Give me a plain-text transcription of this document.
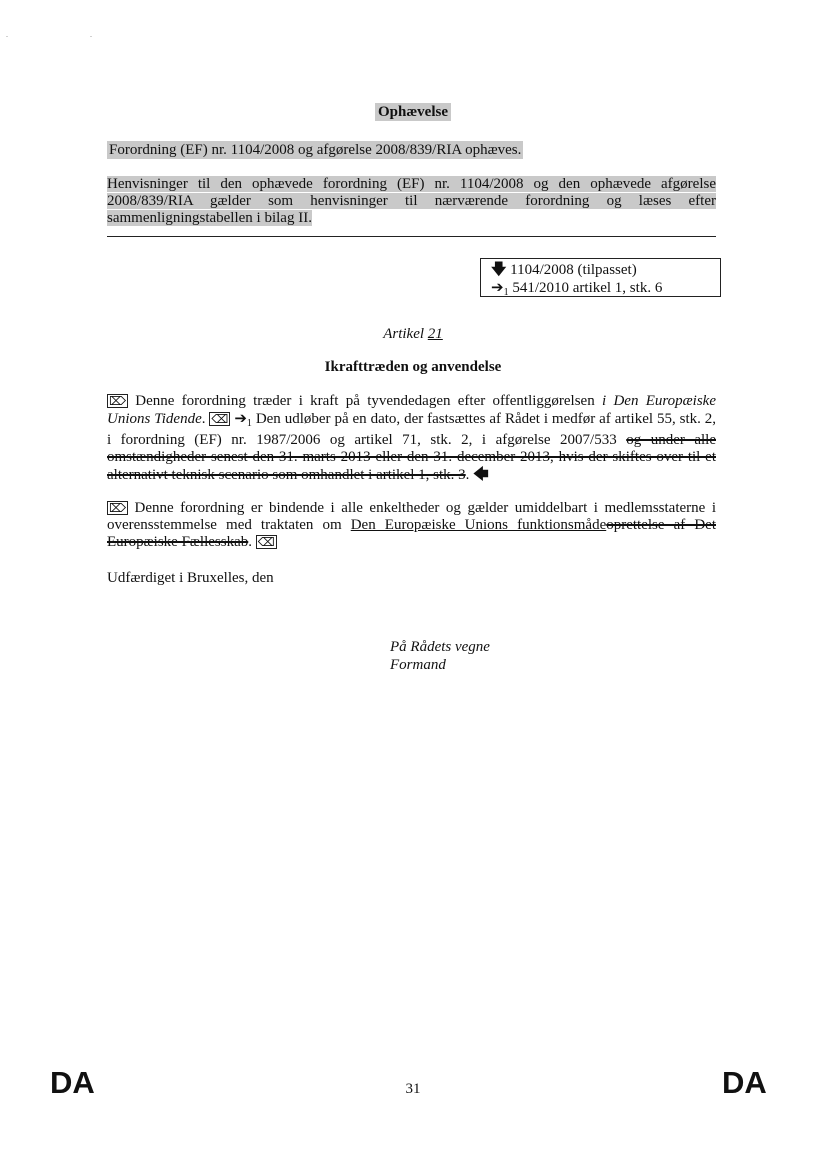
. .
Ophævelse
Forordning (EF) nr. 1104/2008 og afgørelse 2008/839/RIA ophæves.
Henvisninger til den ophævede forordning (EF) nr. 1104/2008 og den ophævede afgørelse 2008/839/RIA gælder som henvisninger til nærværende forordning og læses efter sammenligningstabellen i bilag II.
🡇 1104/2008 (tilpasset)
$➔_1$ 541/2010 artikel 1, stk. 6
Artikel 21
Ikrafttræden og anvendelse
⌦ Denne forordning træder i kraft på tyvendedagen efter offentliggørelsen i Den Europæiske Unions Tidende. ⌫ $➔_1$ Den udløber på en dato, der fastsættes af Rådet i medfør af artikel 55, stk. 2, i forordning (EF) nr. 1987/2006 og artikel 71, stk. 2, i afgørelse 2007/533 og under alle omstændigheder senest den 31. marts 2013 eller den 31. december 2013, hvis der skiftes over til et alternativt teknisk scenario som omhandlet i artikel 1, stk. 3. 🡄
⌦ Denne forordning er bindende i alle enkeltheder og gælder umiddelbart i medlemsstaterne i overensstemmelse med traktaten om Den Europæiske Unions funktionsmådeoprettelse af Det Europæiske Fællesskab. ⌫
Udfærdiget i Bruxelles, den
På Rådets vegne
Formand
DA	31	DA
